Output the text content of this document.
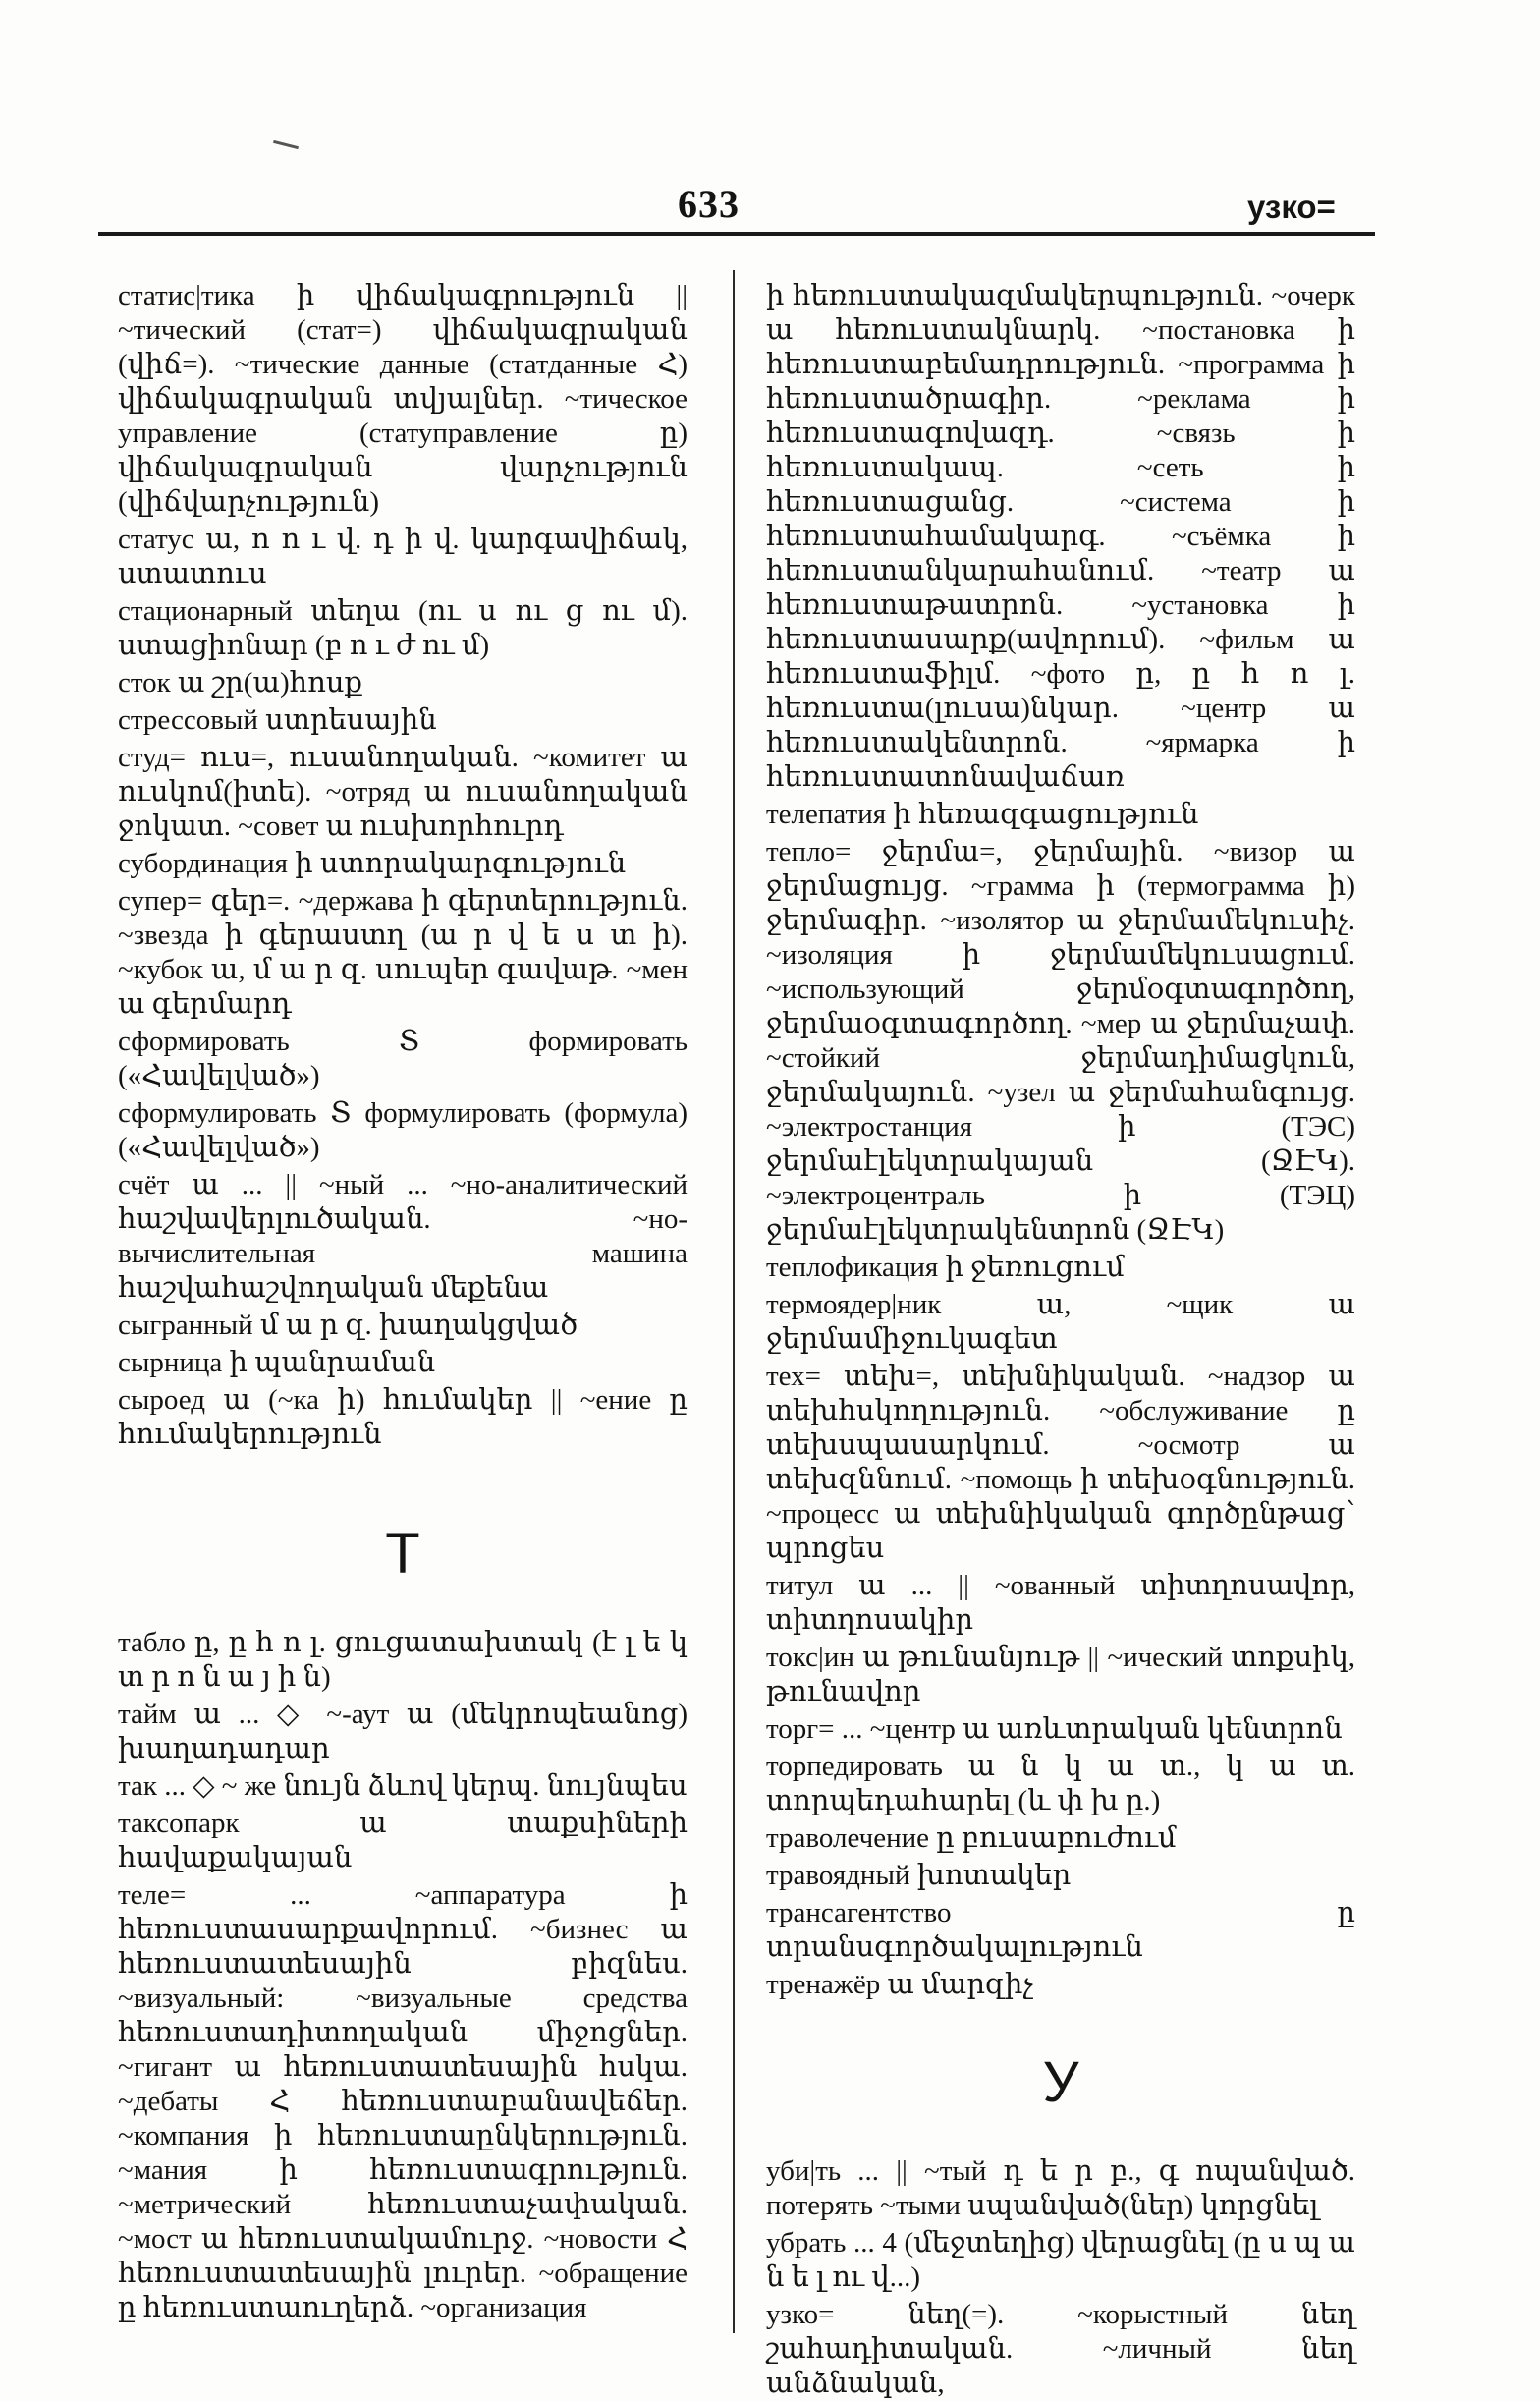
633	узко=

статис|тика ի վիճակագրություն || ~тический (стат=) վիճակագրական (վիճ=). ~тические данные (статданные Հ) վիճակագրական տվյալներ. ~тическое управление (статуправление ը) վիճակագրական վարչություն (վիճվարչություն)

статус ա, ո ո ւ վ. դ ի վ. կարգավիճակ, ստատուս

стационарный տեղա (ու ս ու ց ու մ). ստացիոնար (բ ո ւ ժ ու մ)

сток ա շր(ա)հոսք

стрессовый ստրեսային

студ= ուս=, ուսանողական. ~комитет ա ուսկոմ(իտե). ~отряд ա ուսանողական ջոկատ. ~совет ա ուսխորհուրդ

субординация ի ստորակարգություն

супер= գեր=. ~держава ի գերտերություն. ~звезда ի գերաստղ (ա ր վ ե ս տ ի). ~кубок ա, մ ա ր զ. սուպեր գավաթ. ~мен ա գերմարդ

сформировать Տ формировать («Հավելված»)

сформулировать Տ формулировать (формула) («Հավելված»)

счёт ա ... || ~ный ... ~но-аналитический հաշվավերլուծական. ~но-вычислительная машина հաշվահաշվողական մեքենա

сыгранный մ ա ր զ. խաղակցված

сырница ի պանրաման

сыроед ա (~ка ի) հումակեր || ~ение ը հումակերություն

Т

табло ը, ը հ ո լ. ցուցատախտակ (է լ ե կ տ ր ո ն ա յ ի ն)

тайм ա ... ◇ ~-аут ա (մեկրոպեանոց) խաղադադար

так ... ◇ ~ же նույն ձևով կերպ. նույնպես

таксопарк ա տաքսիների հավաքակայան

теле= ... ~аппаратура ի հեռուստասարքավորում. ~бизнес ա հեռուստատեսային բիզնես. ~визуальный: ~визуальные средства հեռուստադիտողական միջոցներ. ~гигант ա հեռուստատեսային հսկա. ~дебаты Հ հեռուստաբանավեճեր. ~компания ի հեռուստաընկերություն. ~мания ի հեռուստագրություն. ~метрический հեռուստաչափական. ~мост ա հեռուստակամուրջ. ~новости Հ հեռուստատեսային լուրեր. ~обращение ը հեռուստաուղերձ. ~организация

ի հեռուստակազմակերպություն. ~очерк ա հեռուստակնարկ. ~постановка ի հեռուստաբեմադրություն. ~программа ի հեռուստածրագիր. ~реклама ի հեռուստագովազդ. ~связь ի հեռուստակապ. ~сеть ի հեռուստացանց. ~система ի հեռուստահամակարգ. ~съёмка ի հեռուստանկարահանում. ~театр ա հեռուստաթատրոն. ~установка ի հեռուստասարք(ավորում). ~фильм ա հեռուստաֆիլմ. ~фото ը, ը հ ո լ. հեռուստա(լուսա)նկար. ~центр ա հեռուստակենտրոն. ~ярмарка ի հեռուստատոնավաճառ

телепатия ի հեռազգացություն

тепло= ջերմա=, ջերմային. ~визор ա ջերմացույց. ~грамма ի (термограмма ի) ջերմագիր. ~изолятор ա ջերմամեկուսիչ. ~изоляция ի ջերմամեկուսացում. ~использующий ջերմօգտագործող, ջերմաօգտագործող. ~мер ա ջերմաչափ. ~стойкий ջերմադիմացկուն, ջերմակայուն. ~узел ա ջերմահանգույց. ~электростанция ի (ТЭС) ջերմաէլեկտրակայան (ՋԷԿ). ~электроцентраль ի (ТЭЦ) ջերմաէլեկտրակենտրոն (ՋԷԿ)

теплофикация ի ջեռուցում

термоядер|ник ա, ~щик ա ջերմամիջուկագետ

тех= տեխ=, տեխնիկական. ~надзор ա տեխհսկողություն. ~обслуживание ը տեխսպասարկում. ~осмотр ա տեխզննում. ~помощь ի տեխօգնություն. ~процесс ա տեխնիկական գործընթաց՝ պրոցես

титул ա ... || ~ованный տիտղոսավոր, տիտղոսակիր

токс|ин ա թունանյութ || ~ический տոքսիկ, թունավոր

торг= ... ~центр ա առևտրական կենտրոն

торпедировать ա ն կ ա տ., կ ա տ. տորպեդահարել (և փ խ ը.)

траволечение ը բուսաբուժում

травоядный խոտակեր

трансагентство ը տրանսգործակալություն

тренажёр ա մարզիչ

У

уби|ть ... || ~тый դ ե ր բ., գ ոպանված. потерять ~тыми սպանված(ներ) կորցնել

убрать ... 4 (մեջտեղից) վերացնել (ը ս պ ա ն ե լ ու վ...)

узко= նեղ(=). ~корыстный նեղ շահադիտական. ~личный նեղ անձնական,
